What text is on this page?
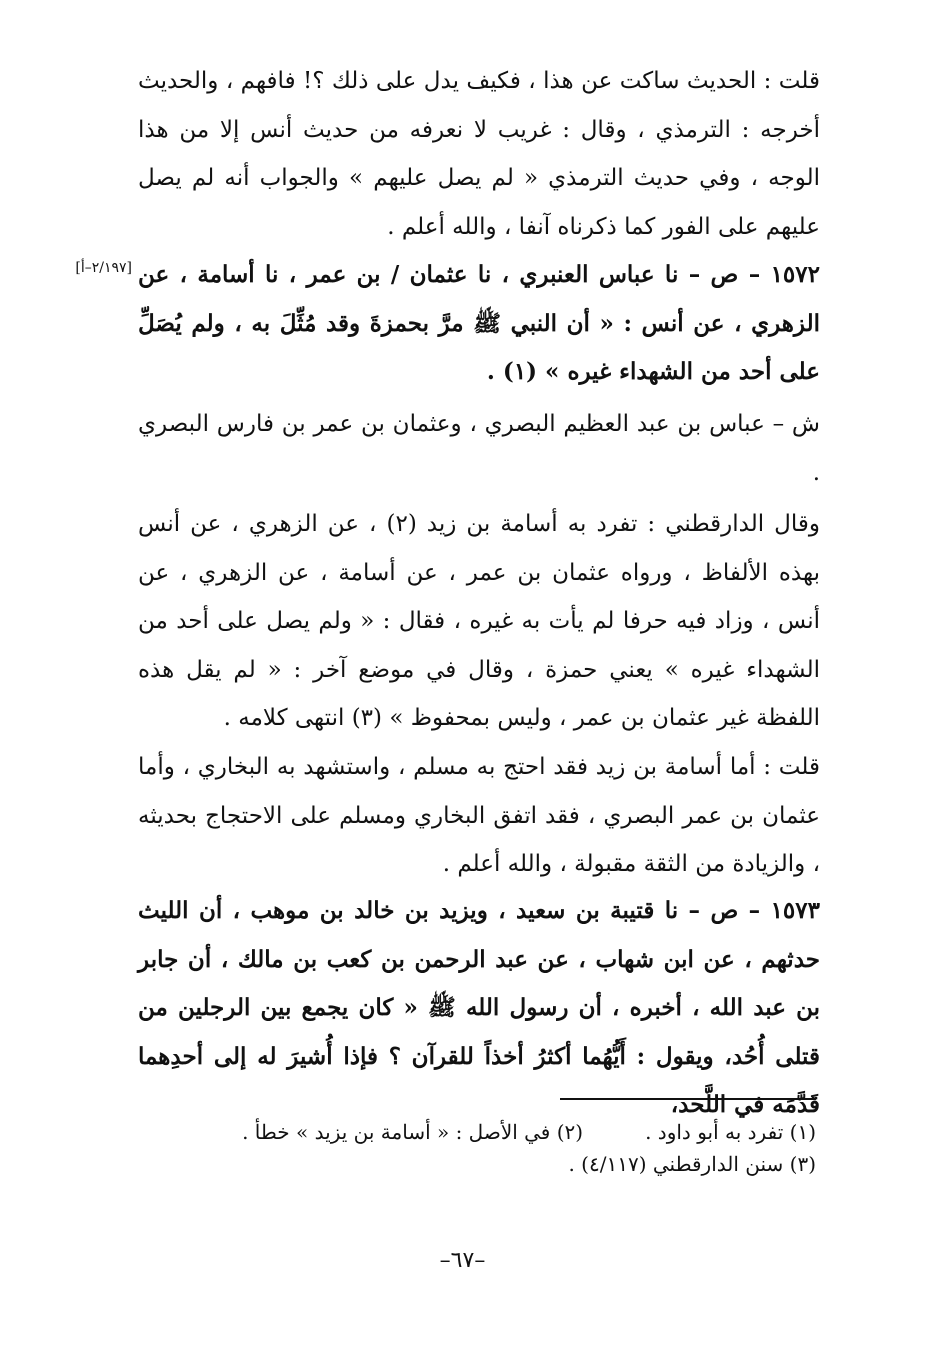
قلت : الحديث ساكت عن هذا ، فكيف يدل على ذلك ؟! فافهم ، والحديث أخرجه : الترمذي ، وقال : غريب لا نعرفه من حديث أنس إلا من هذا الوجه ، وفي حديث الترمذي « لم يصل عليهم » والجواب أنه لم يصل عليهم على الفور كما ذكرناه آنفا ، والله أعلم .

[٢/١٩٧–أ] ١٥٧٢ – ص – نا عباس العنبري ، نا عثمان / بن عمر ، نا أسامة ، عن الزهري ، عن أنس : « أن النبي ﷺ مرَّ بحمزةَ وقد مُثِّلَ به ، ولم يُصَلِّ على أحد من الشهداء غيره » (١) .

ش – عباس بن عبد العظيم البصري ، وعثمان بن عمر بن فارس البصري .

وقال الدارقطني : تفرد به أسامة بن زيد (٢) ، عن الزهري ، عن أنس بهذه الألفاظ ، ورواه عثمان بن عمر ، عن أسامة ، عن الزهري ، عن أنس ، وزاد فيه حرفا لم يأت به غيره ، فقال : « ولم يصل على أحد من الشهداء غيره » يعني حمزة ، وقال في موضع آخر : « لم يقل هذه اللفظة غير عثمان بن عمر ، وليس بمحفوظ » (٣) انتهى كلامه .

قلت : أما أسامة بن زيد فقد احتج به مسلم ، واستشهد به البخاري ، وأما عثمان بن عمر البصري ، فقد اتفق البخاري ومسلم على الاحتجاج بحديثه ، والزيادة من الثقة مقبولة ، والله أعلم .

١٥٧٣ – ص – نا قتيبة بن سعيد ، ويزيد بن خالد بن موهب ، أن الليث حدثهم ، عن ابن شهاب ، عن عبد الرحمن بن كعب بن مالك ، أن جابر بن عبد الله ، أخبره ، أن رسول الله ﷺ « كان يجمع بين الرجلين من قتلى أُحُد، ويقول : أَيُّهُما أكثرُ أخذاً للقرآن ؟ فإذا أُشيرَ له إلى أحدِهما قَدَّمَه في اللَّحد،

(١) تفرد به أبو داود .
(٢) في الأصل : « أسامة بن يزيد » خطأ .
(٣) سنن الدارقطني (٤/١١٧) .
–٦٧–
